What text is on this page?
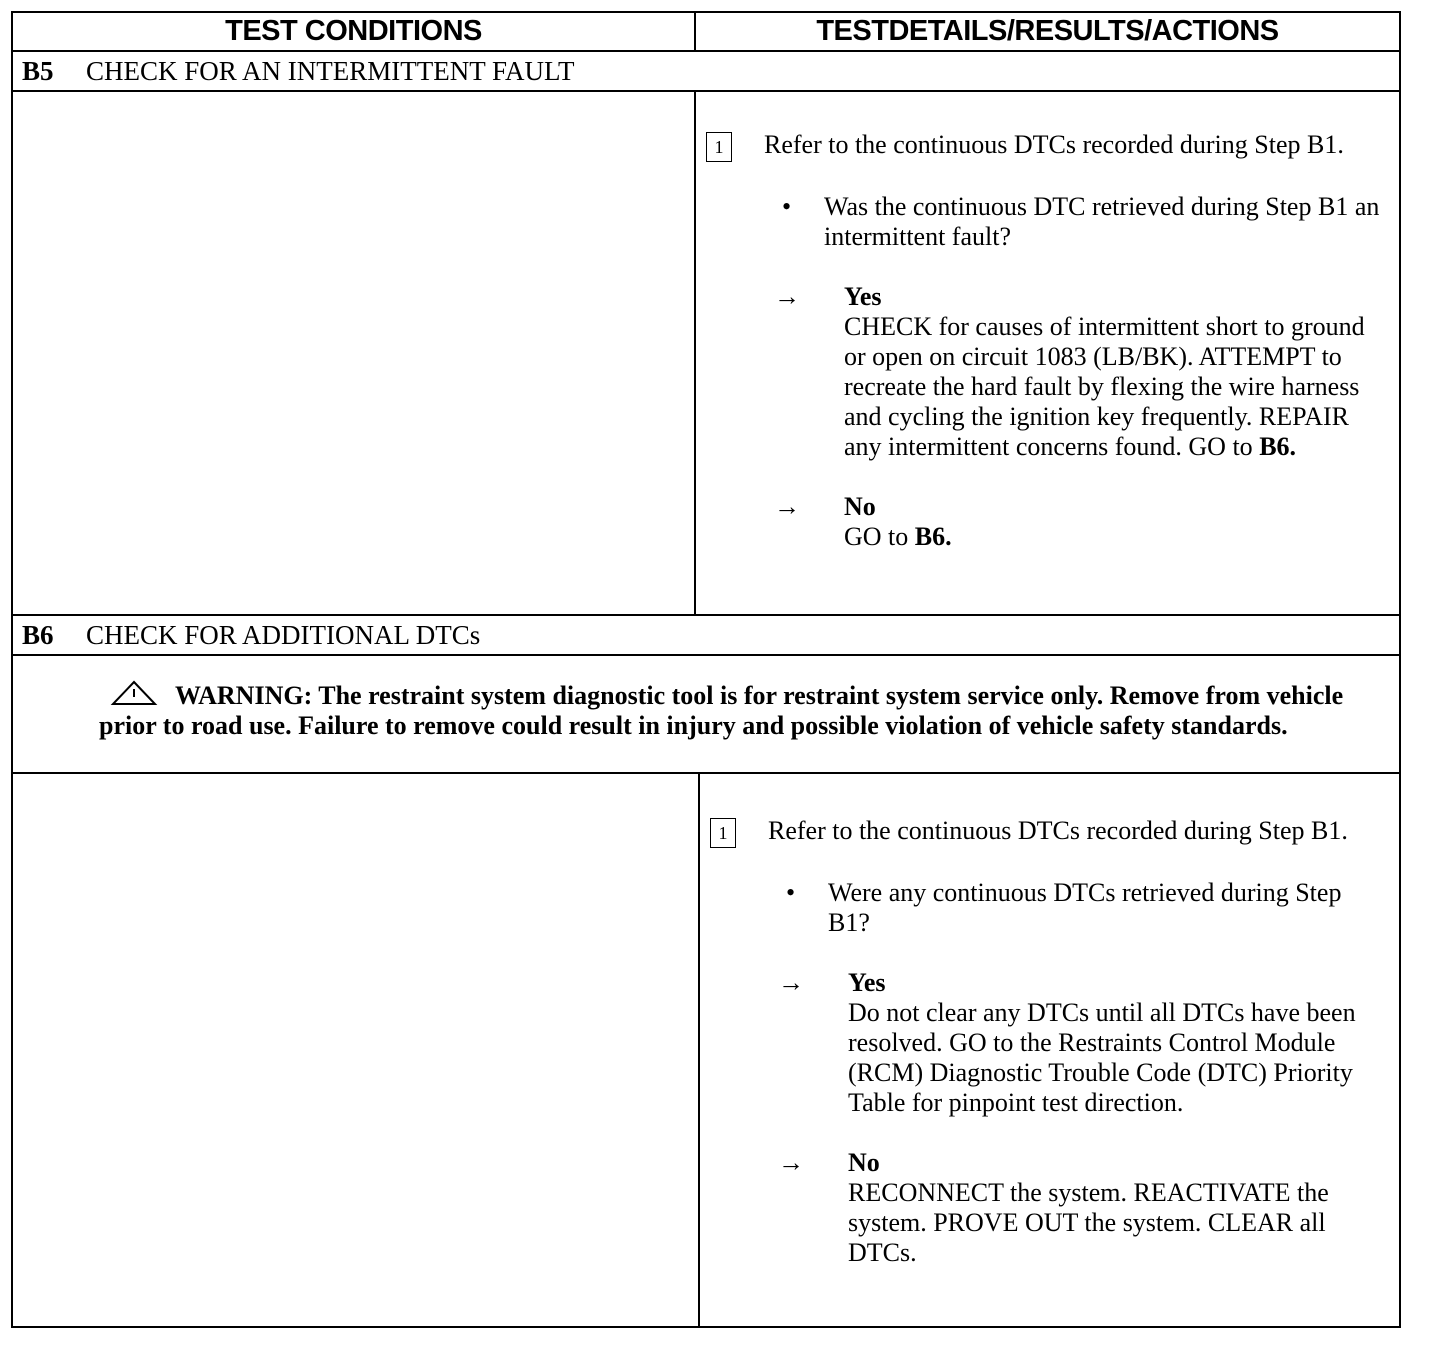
TEST CONDITIONS	TESTDETAILS/RESULTS/ACTIONS
B5	CHECK FOR AN INTERMITTENT FAULT
1	Refer to the continuous DTCs recorded during Step B1.
•	Was the continuous DTC retrieved during Step B1 an intermittent fault?
→	Yes
CHECK for causes of intermittent short to ground or open on circuit 1083 (LB/BK). ATTEMPT to recreate the hard fault by flexing the wire harness and cycling the ignition key frequently. REPAIR any intermittent concerns found. GO to B6.
→	No
GO to B6.
B6	CHECK FOR ADDITIONAL DTCs
WARNING: The restraint system diagnostic tool is for restraint system service only. Remove from vehicle prior to road use. Failure to remove could result in injury and possible violation of vehicle safety standards.
1	Refer to the continuous DTCs recorded during Step B1.
•	Were any continuous DTCs retrieved during Step B1?
→	Yes
Do not clear any DTCs until all DTCs have been resolved. GO to the Restraints Control Module (RCM) Diagnostic Trouble Code (DTC) Priority Table for pinpoint test direction.
→	No
RECONNECT the system. REACTIVATE the system. PROVE OUT the system. CLEAR all DTCs.
